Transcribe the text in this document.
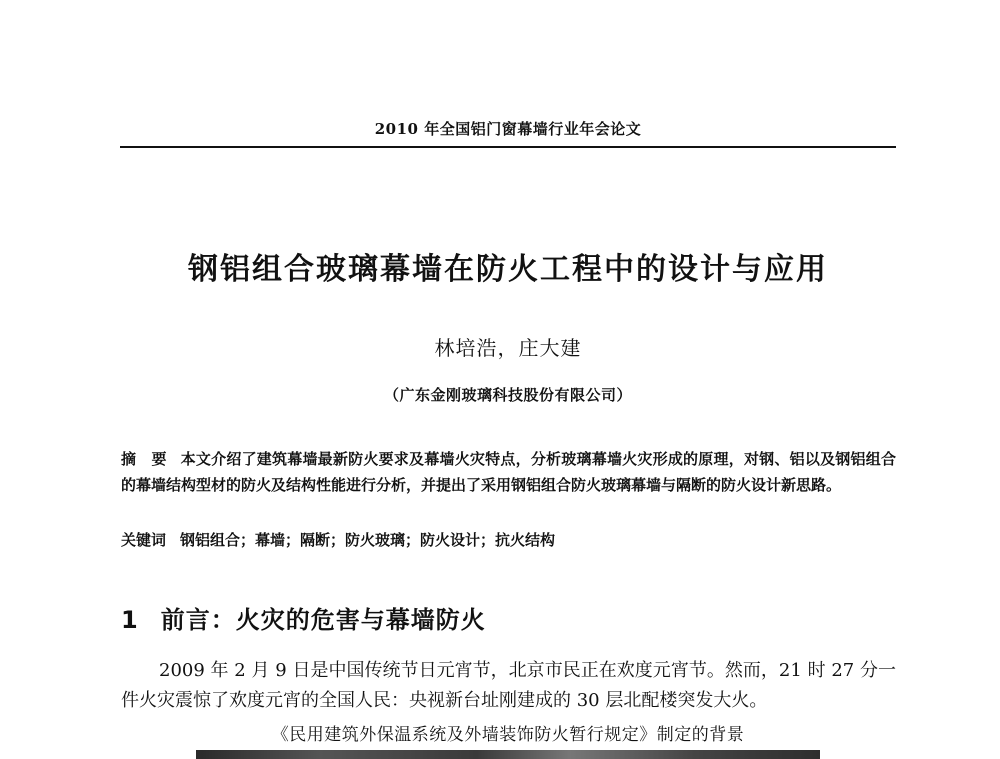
2010 年全国铝门窗幕墙行业年会论文
钢铝组合玻璃幕墙在防火工程中的设计与应用
林培浩，庄大建
（广东金刚玻璃科技股份有限公司）
摘　要 本文介绍了建筑幕墙最新防火要求及幕墙火灾特点，分析玻璃幕墙火灾形成的原理，对钢、铝以及钢铝组合的幕墙结构型材的防火及结构性能进行分析，并提出了采用钢铝组合防火玻璃幕墙与隔断的防火设计新思路。
关键词 钢铝组合；幕墙；隔断；防火玻璃；防火设计；抗火结构
1 前言：火灾的危害与幕墙防火
2009 年 2 月 9 日是中国传统节日元宵节，北京市民正在欢度元宵节。然而，21 时 27 分一件火灾震惊了欢度元宵的全国人民：央视新台址刚建成的 30 层北配楼突发大火。
《民用建筑外保温系统及外墙装饰防火暂行规定》制定的背景
